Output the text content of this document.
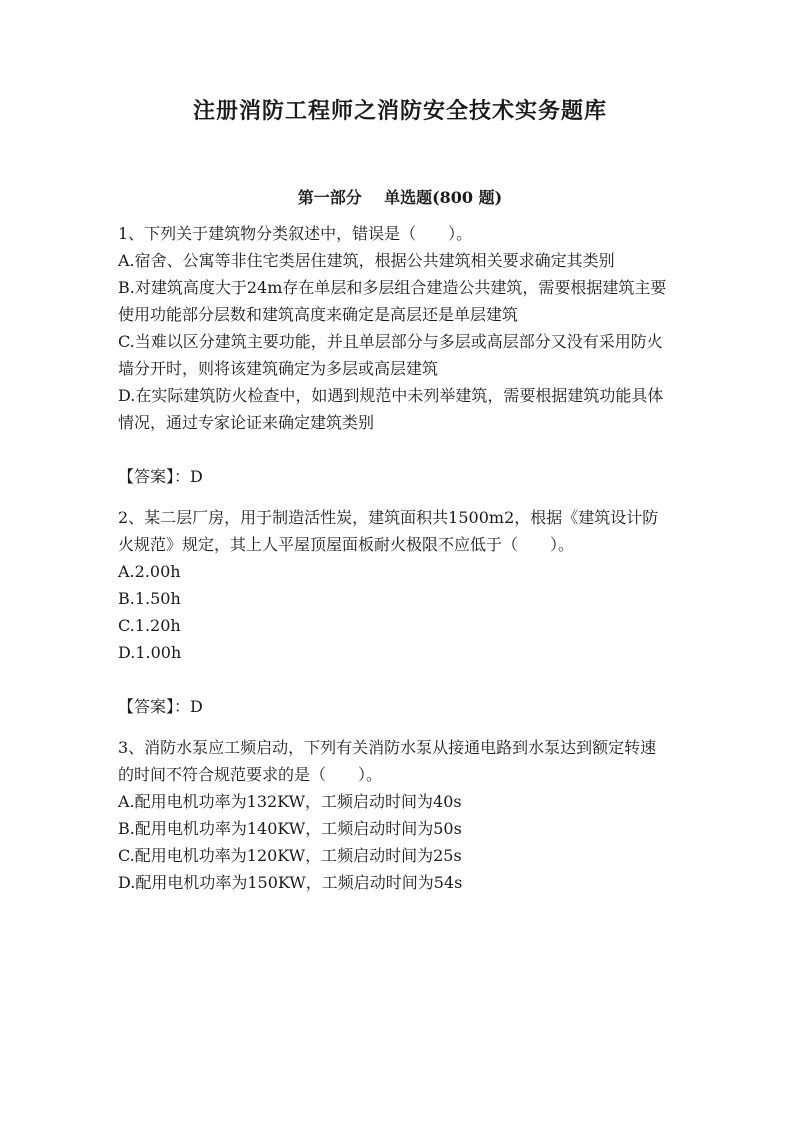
注册消防工程师之消防安全技术实务题库
第一部分    单选题(800 题)

1、下列关于建筑物分类叙述中，错误是（　　）。

A.宿舍、公寓等非住宅类居住建筑，根据公共建筑相关要求确定其类别

B.对建筑高度大于24m存在单层和多层组合建造公共建筑，需要根据建筑主要使用功能部分层数和建筑高度来确定是高层还是单层建筑

C.当难以区分建筑主要功能，并且单层部分与多层或高层部分又没有采用防火墙分开时，则将该建筑确定为多层或高层建筑

D.在实际建筑防火检查中，如遇到规范中未列举建筑，需要根据建筑功能具体情况，通过专家论证来确定建筑类别

【答案】：D

2、某二层厂房，用于制造活性炭，建筑面积共1500m2，根据《建筑设计防火规范》规定，其上人平屋顶屋面板耐火极限不应低于（　　）。

A.2.00h

B.1.50h

C.1.20h

D.1.00h

【答案】：D

3、消防水泵应工频启动，下列有关消防水泵从接通电路到水泵达到额定转速的时间不符合规范要求的是（　　）。

A.配用电机功率为132KW，工频启动时间为40s

B.配用电机功率为140KW，工频启动时间为50s

C.配用电机功率为120KW，工频启动时间为25s

D.配用电机功率为150KW，工频启动时间为54s
